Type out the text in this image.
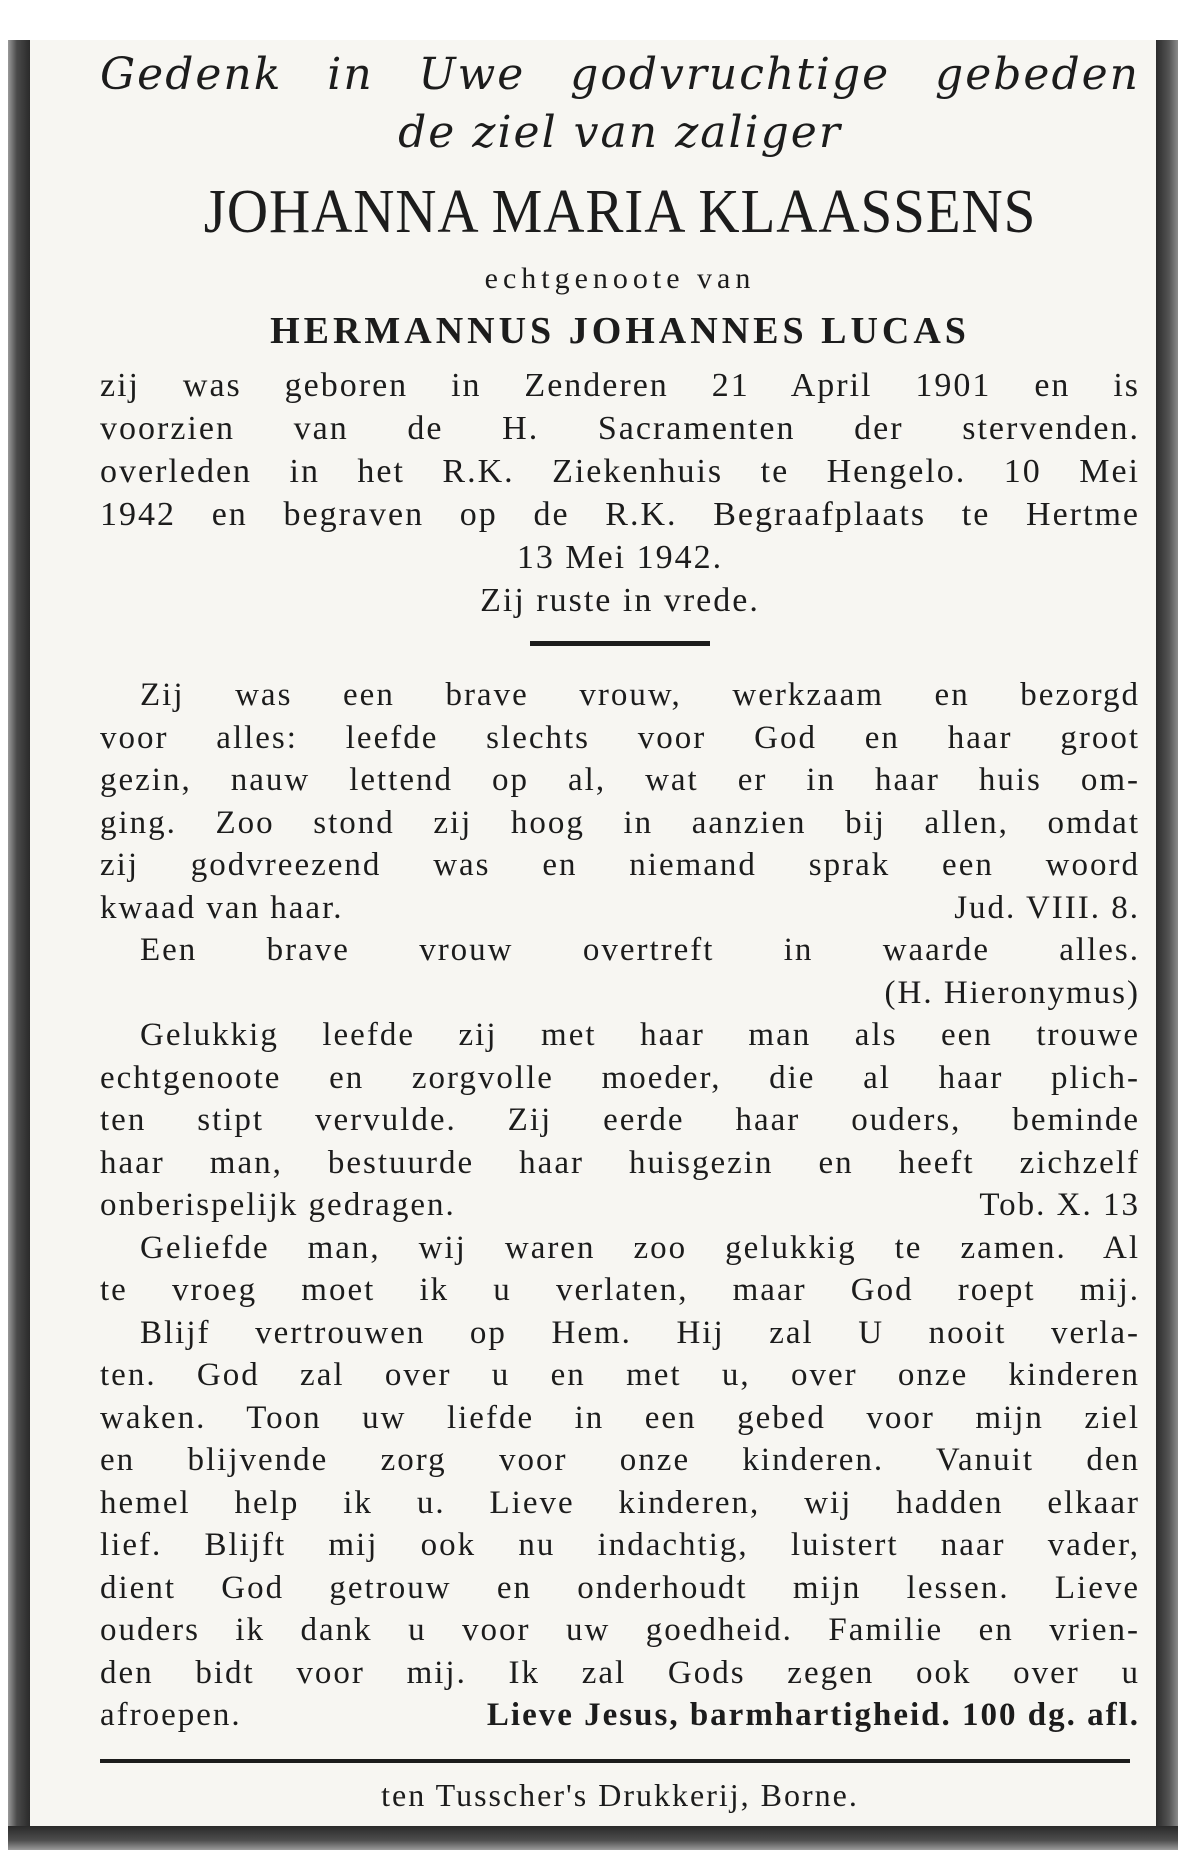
Gedenk in Uwe godvruchtige gebeden

de ziel van zaliger

JOHANNA MARIA KLAASSENS
echtgenoote van
HERMANNUS JOHANNES LUCAS
zij was geboren in Zenderen 21 April 1901 en is
voorzien van de H. Sacramenten der stervenden.
overleden in het R.K. Ziekenhuis te Hengelo. 10 Mei
1942 en begraven op de R.K. Begraafplaats te Hertme
13 Mei 1942.
Zij ruste in vrede.
Zij was een brave vrouw, werkzaam en bezorgd
voor alles: leefde slechts voor God en haar groot
gezin, nauw lettend op al, wat er in haar huis om-
ging. Zoo stond zij hoog in aanzien bij allen, omdat
zij godvreezend was en niemand sprak een woord
kwaad van haar.	Jud. VIII. 8.
Een brave vrouw overtreft in waarde alles.
(H. Hieronymus)
Gelukkig leefde zij met haar man als een trouwe
echtgenoote en zorgvolle moeder, die al haar plich-
ten stipt vervulde. Zij eerde haar ouders, beminde
haar man, bestuurde haar huisgezin en heeft zichzelf
onberispelijk gedragen.	Tob. X. 13
Geliefde man, wij waren zoo gelukkig te zamen. Al
te vroeg moet ik u verlaten, maar God roept mij.
Blijf vertrouwen op Hem. Hij zal U nooit verla-
ten. God zal over u en met u, over onze kinderen
waken. Toon uw liefde in een gebed voor mijn ziel
en blijvende zorg voor onze kinderen. Vanuit den
hemel help ik u. Lieve kinderen, wij hadden elkaar
lief. Blijft mij ook nu indachtig, luistert naar vader,
dient God getrouw en onderhoudt mijn lessen. Lieve
ouders ik dank u voor uw goedheid. Familie en vrien-
den bidt voor mij. Ik zal Gods zegen ook over u
afroepen.	Lieve Jesus, barmhartigheid. 100 dg. afl.
ten Tusscher's Drukkerij, Borne.
